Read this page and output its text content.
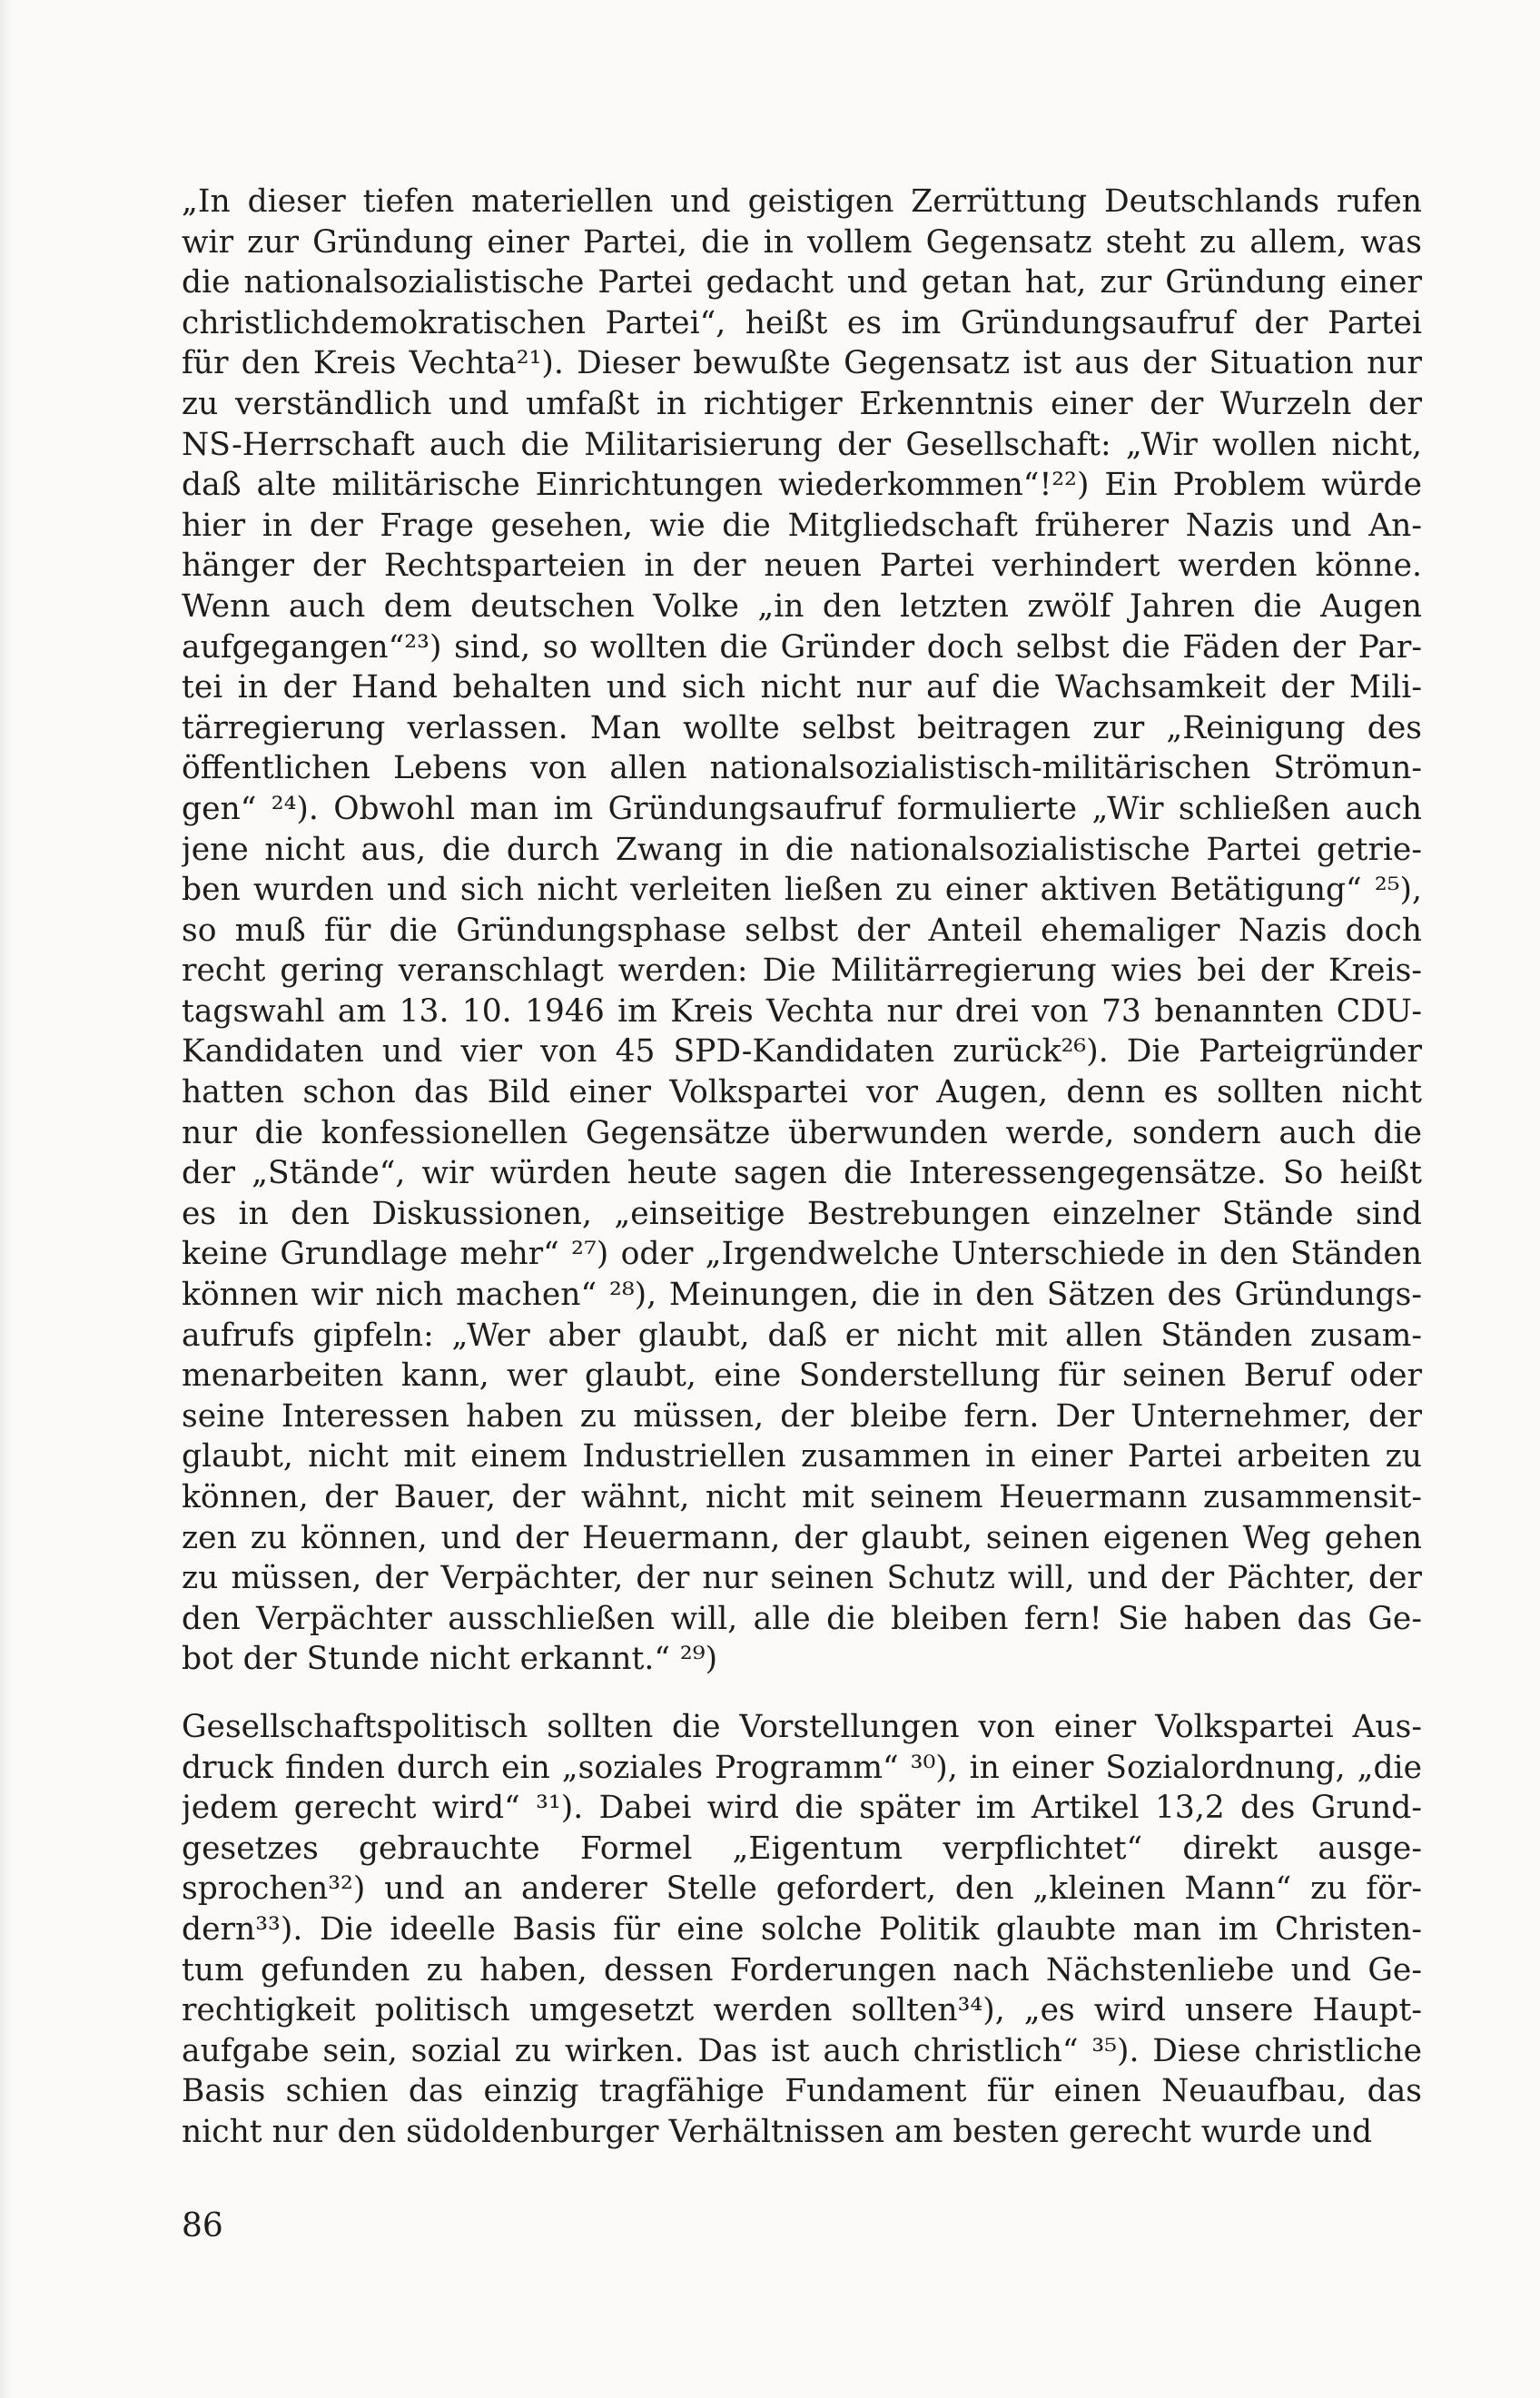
„In dieser tiefen materiellen und geistigen Zerrüttung Deutschlands rufen
wir zur Gründung einer Partei, die in vollem Gegensatz steht zu allem, was
die nationalsozialistische Partei gedacht und getan hat, zur Gründung einer
christlichdemokratischen Partei“, heißt es im Gründungsaufruf der Partei
für den Kreis Vechta²¹). Dieser bewußte Gegensatz ist aus der Situation nur
zu verständlich und umfaßt in richtiger Erkenntnis einer der Wurzeln der
NS-Herrschaft auch die Militarisierung der Gesellschaft: „Wir wollen nicht,
daß alte militärische Einrichtungen wiederkommen“!²²) Ein Problem würde
hier in der Frage gesehen, wie die Mitgliedschaft früherer Nazis und An-
hänger der Rechtsparteien in der neuen Partei verhindert werden könne.
Wenn auch dem deutschen Volke „in den letzten zwölf Jahren die Augen
aufgegangen“²³) sind, so wollten die Gründer doch selbst die Fäden der Par-
tei in der Hand behalten und sich nicht nur auf die Wachsamkeit der Mili-
tärregierung verlassen. Man wollte selbst beitragen zur „Reinigung des
öffentlichen Lebens von allen nationalsozialistisch-militärischen Strömun-
gen“ ²⁴). Obwohl man im Gründungsaufruf formulierte „Wir schließen auch
jene nicht aus, die durch Zwang in die nationalsozialistische Partei getrie-
ben wurden und sich nicht verleiten ließen zu einer aktiven Betätigung“ ²⁵),
so muß für die Gründungsphase selbst der Anteil ehemaliger Nazis doch
recht gering veranschlagt werden: Die Militärregierung wies bei der Kreis-
tagswahl am 13. 10. 1946 im Kreis Vechta nur drei von 73 benannten CDU-
Kandidaten und vier von 45 SPD-Kandidaten zurück²⁶). Die Parteigründer
hatten schon das Bild einer Volkspartei vor Augen, denn es sollten nicht
nur die konfessionellen Gegensätze überwunden werde, sondern auch die
der „Stände“, wir würden heute sagen die Interessengegensätze. So heißt
es in den Diskussionen, „einseitige Bestrebungen einzelner Stände sind
keine Grundlage mehr“ ²⁷) oder „Irgendwelche Unterschiede in den Ständen
können wir nich machen“ ²⁸), Meinungen, die in den Sätzen des Gründungs-
aufrufs gipfeln: „Wer aber glaubt, daß er nicht mit allen Ständen zusam-
menarbeiten kann, wer glaubt, eine Sonderstellung für seinen Beruf oder
seine Interessen haben zu müssen, der bleibe fern. Der Unternehmer, der
glaubt, nicht mit einem Industriellen zusammen in einer Partei arbeiten zu
können, der Bauer, der wähnt, nicht mit seinem Heuermann zusammensit-
zen zu können, und der Heuermann, der glaubt, seinen eigenen Weg gehen
zu müssen, der Verpächter, der nur seinen Schutz will, und der Pächter, der
den Verpächter ausschließen will, alle die bleiben fern! Sie haben das Ge-
bot der Stunde nicht erkannt.“ ²⁹)
Gesellschaftspolitisch sollten die Vorstellungen von einer Volkspartei Aus-
druck finden durch ein „soziales Programm“ ³⁰), in einer Sozialordnung, „die
jedem gerecht wird“ ³¹). Dabei wird die später im Artikel 13,2 des Grund-
gesetzes gebrauchte Formel „Eigentum verpflichtet“ direkt ausge-
sprochen³²) und an anderer Stelle gefordert, den „kleinen Mann“ zu för-
dern³³). Die ideelle Basis für eine solche Politik glaubte man im Christen-
tum gefunden zu haben, dessen Forderungen nach Nächstenliebe und Ge-
rechtigkeit politisch umgesetzt werden sollten³⁴), „es wird unsere Haupt-
aufgabe sein, sozial zu wirken. Das ist auch christlich“ ³⁵). Diese christliche
Basis schien das einzig tragfähige Fundament für einen Neuaufbau, das
nicht nur den südoldenburger Verhältnissen am besten gerecht wurde und
86
